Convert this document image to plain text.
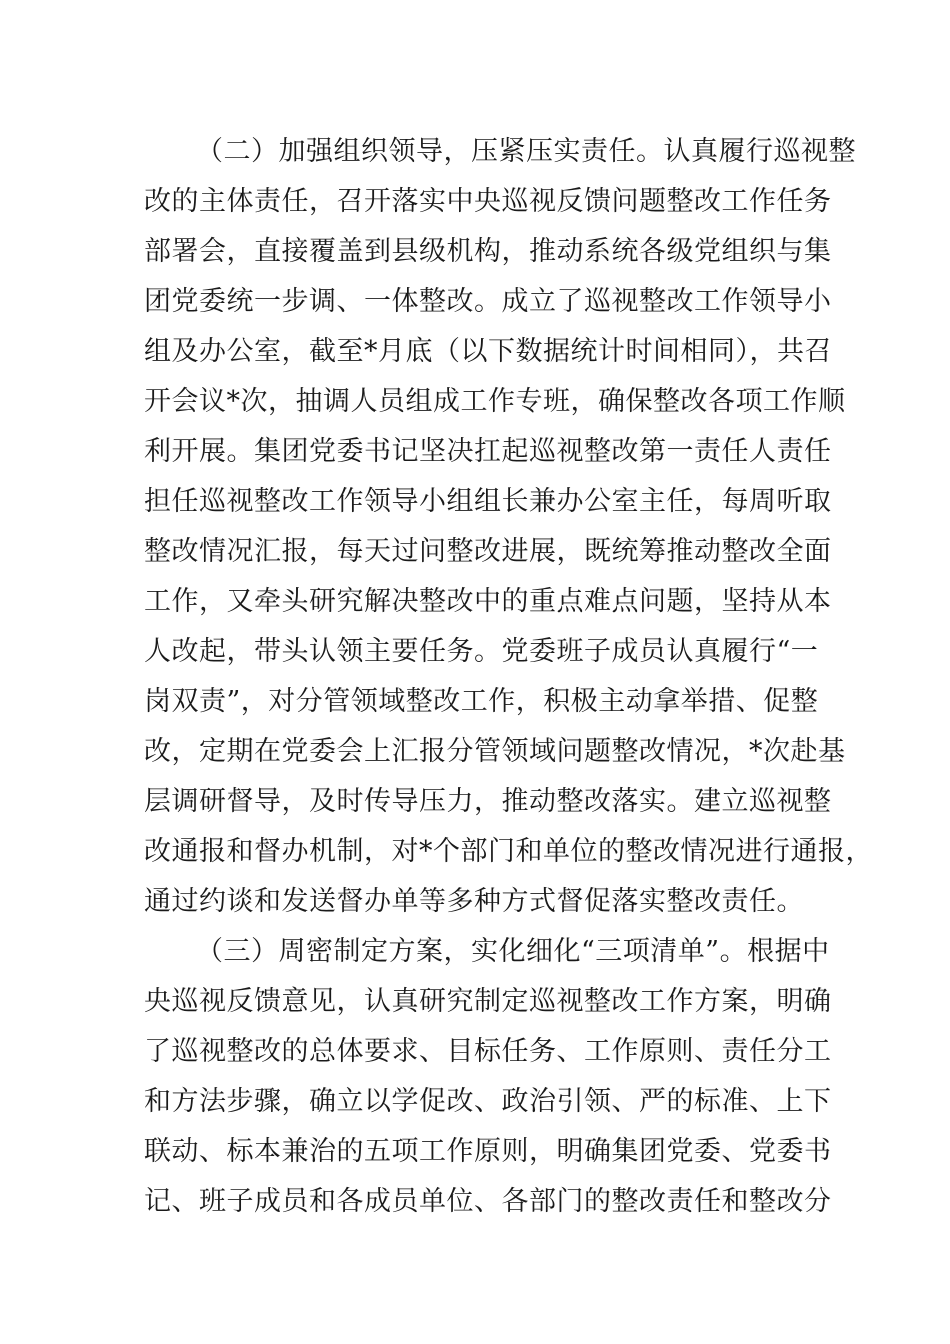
（二）加强组织领导，压紧压实责任。认真履行巡视整
改的主体责任，召开落实中央巡视反馈问题整改工作任务
部署会，直接覆盖到县级机构，推动系统各级党组织与集
团党委统一步调、一体整改。成立了巡视整改工作领导小
组及办公室，截至*月底（以下数据统计时间相同），共召
开会议*次，抽调人员组成工作专班，确保整改各项工作顺
利开展。集团党委书记坚决扛起巡视整改第一责任人责任
担任巡视整改工作领导小组组长兼办公室主任，每周听取
整改情况汇报，每天过问整改进展，既统筹推动整改全面
工作，又牵头研究解决整改中的重点难点问题，坚持从本
人改起，带头认领主要任务。党委班子成员认真履行“一
岗双责”，对分管领域整改工作，积极主动拿举措、促整
改，定期在党委会上汇报分管领域问题整改情况，*次赴基
层调研督导，及时传导压力，推动整改落实。建立巡视整
改通报和督办机制，对*个部门和单位的整改情况进行通报，
通过约谈和发送督办单等多种方式督促落实整改责任。
（三）周密制定方案，实化细化“三项清单”。根据中
央巡视反馈意见，认真研究制定巡视整改工作方案，明确
了巡视整改的总体要求、目标任务、工作原则、责任分工
和方法步骤，确立以学促改、政治引领、严的标准、上下
联动、标本兼治的五项工作原则，明确集团党委、党委书
记、班子成员和各成员单位、各部门的整改责任和整改分
